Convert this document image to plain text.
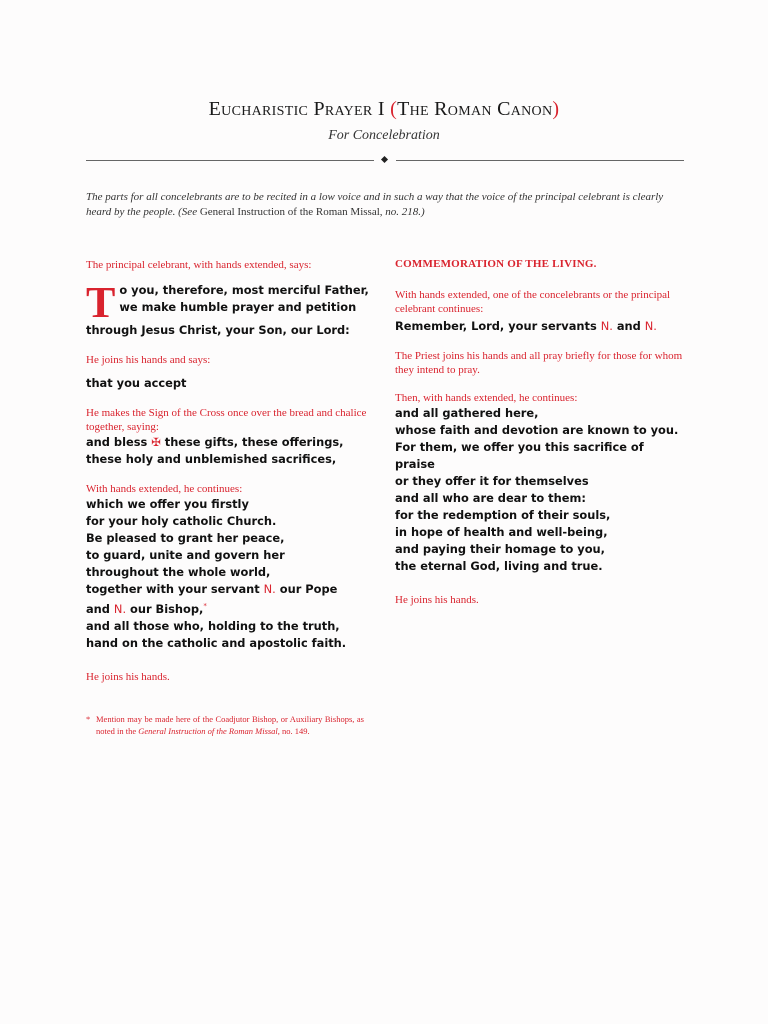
Eucharistic Prayer I (The Roman Canon)
For Concelebration
The parts for all concelebrants are to be recited in a low voice and in such a way that the voice of the principal celebrant is clearly heard by the people. (See General Instruction of the Roman Missal, no. 218.)

The principal celebrant, with hands extended, says:

T o you, therefore, most merciful Father,
we make humble prayer and petition
through Jesus Christ, your Son, our Lord:

He joins his hands and says:

that you accept

He makes the Sign of the Cross once over the bread and chalice together, saying:

and bless ✠ these gifts, these offerings,
these holy and unblemished sacrifices,

With hands extended, he continues:

which we offer you firstly
for your holy catholic Church.
Be pleased to grant her peace,
to guard, unite and govern her
throughout the whole world,
together with your servant N. our Pope
and N. our Bishop,*
and all those who, holding to the truth,
hand on the catholic and apostolic faith.

He joins his hands.

COMMEMORATION OF THE LIVING.

With hands extended, one of the concelebrants or the principal celebrant continues:

Remember, Lord, your servants N. and N.

The Priest joins his hands and all pray briefly for those for whom they intend to pray.

Then, with hands extended, he continues:

and all gathered here,
whose faith and devotion are known to you.
For them, we offer you this sacrifice of praise
or they offer it for themselves
and all who are dear to them:
for the redemption of their souls,
in hope of health and well-being,
and paying their homage to you,
the eternal God, living and true.

He joins his hands.

* Mention may be made here of the Coadjutor Bishop, or Auxiliary Bishops, as noted in the General Instruction of the Roman Missal, no. 149.
